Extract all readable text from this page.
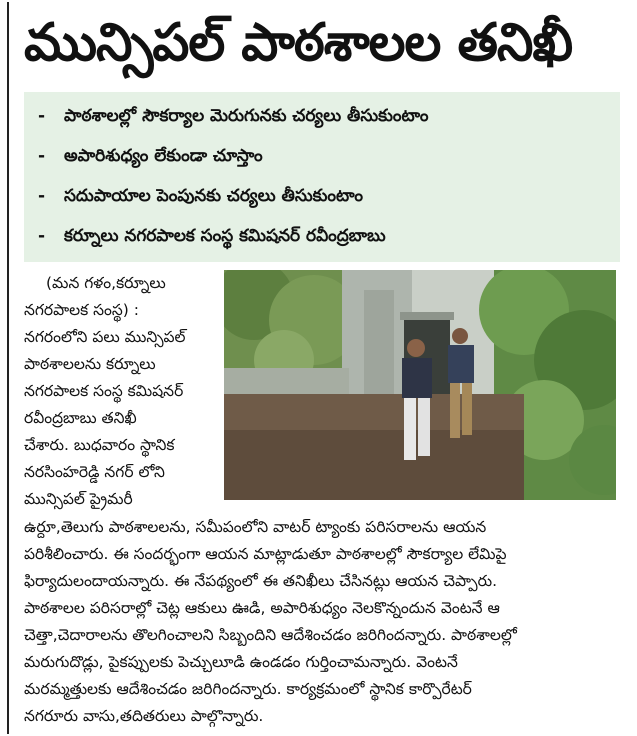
మున్సిపల్ పాఠశాలల తనిఖీ
- పాఠశాలల్లో సౌకర్యాల మెరుగునకు చర్యలు తీసుకుంటాం
- అపారిశుధ్యం లేకుండా చూస్తాం
- సదుపాయాల పెంపునకు చర్యలు తీసుకుంటాం
- కర్నూలు నగరపాలక సంస్థ కమిషనర్ రవీంద్రబాబు
(మన గళం,కర్నూలు
నగరపాలక సంస్థ) :
నగరంలోని పలు మున్సిపల్
పాఠశాలలను కర్నూలు
నగరపాలక సంస్థ కమిషనర్
రవీంద్రబాబు తనిఖీ
చేశారు. బుధవారం స్థానిక
నరసింహరెడ్డి నగర్ లోని
మున్సిపల్ ప్రైమరీ
ఉర్దూ,తెలుగు పాఠశాలలను, సమీపంలోని వాటర్ ట్యాంకు పరిసరాలను ఆయన
పరిశీలించారు. ఈ సందర్భంగా ఆయన మాట్లాడుతూ పాఠశాలల్లో సౌకర్యాల లేమిపై
ఫిర్యాదులందాయన్నారు. ఈ నేపథ్యంలో ఈ తనిఖీలు చేసినట్లు ఆయన చెప్పారు.
పాఠశాలల పరిసరాల్లో చెట్ల ఆకులు ఊడి, అపారిశుధ్యం నెలకొన్నందున వెంటనే ఆ
చెత్తా,చెదారాలను తొలగించాలని సిబ్బందిని ఆదేశించడం జరిగిందన్నారు. పాఠశాలల్లో
మరుగుదొడ్లు, పైకప్పులకు పెచ్చులూడి ఉండడం గుర్తించామన్నారు. వెంటనే
మరమ్మత్తులకు ఆదేశించడం జరిగిందన్నారు. కార్యక్రమంలో స్థానిక కార్పొరేటర్
నగరూరు వాసు,తదితరులు పాల్గొన్నారు.
